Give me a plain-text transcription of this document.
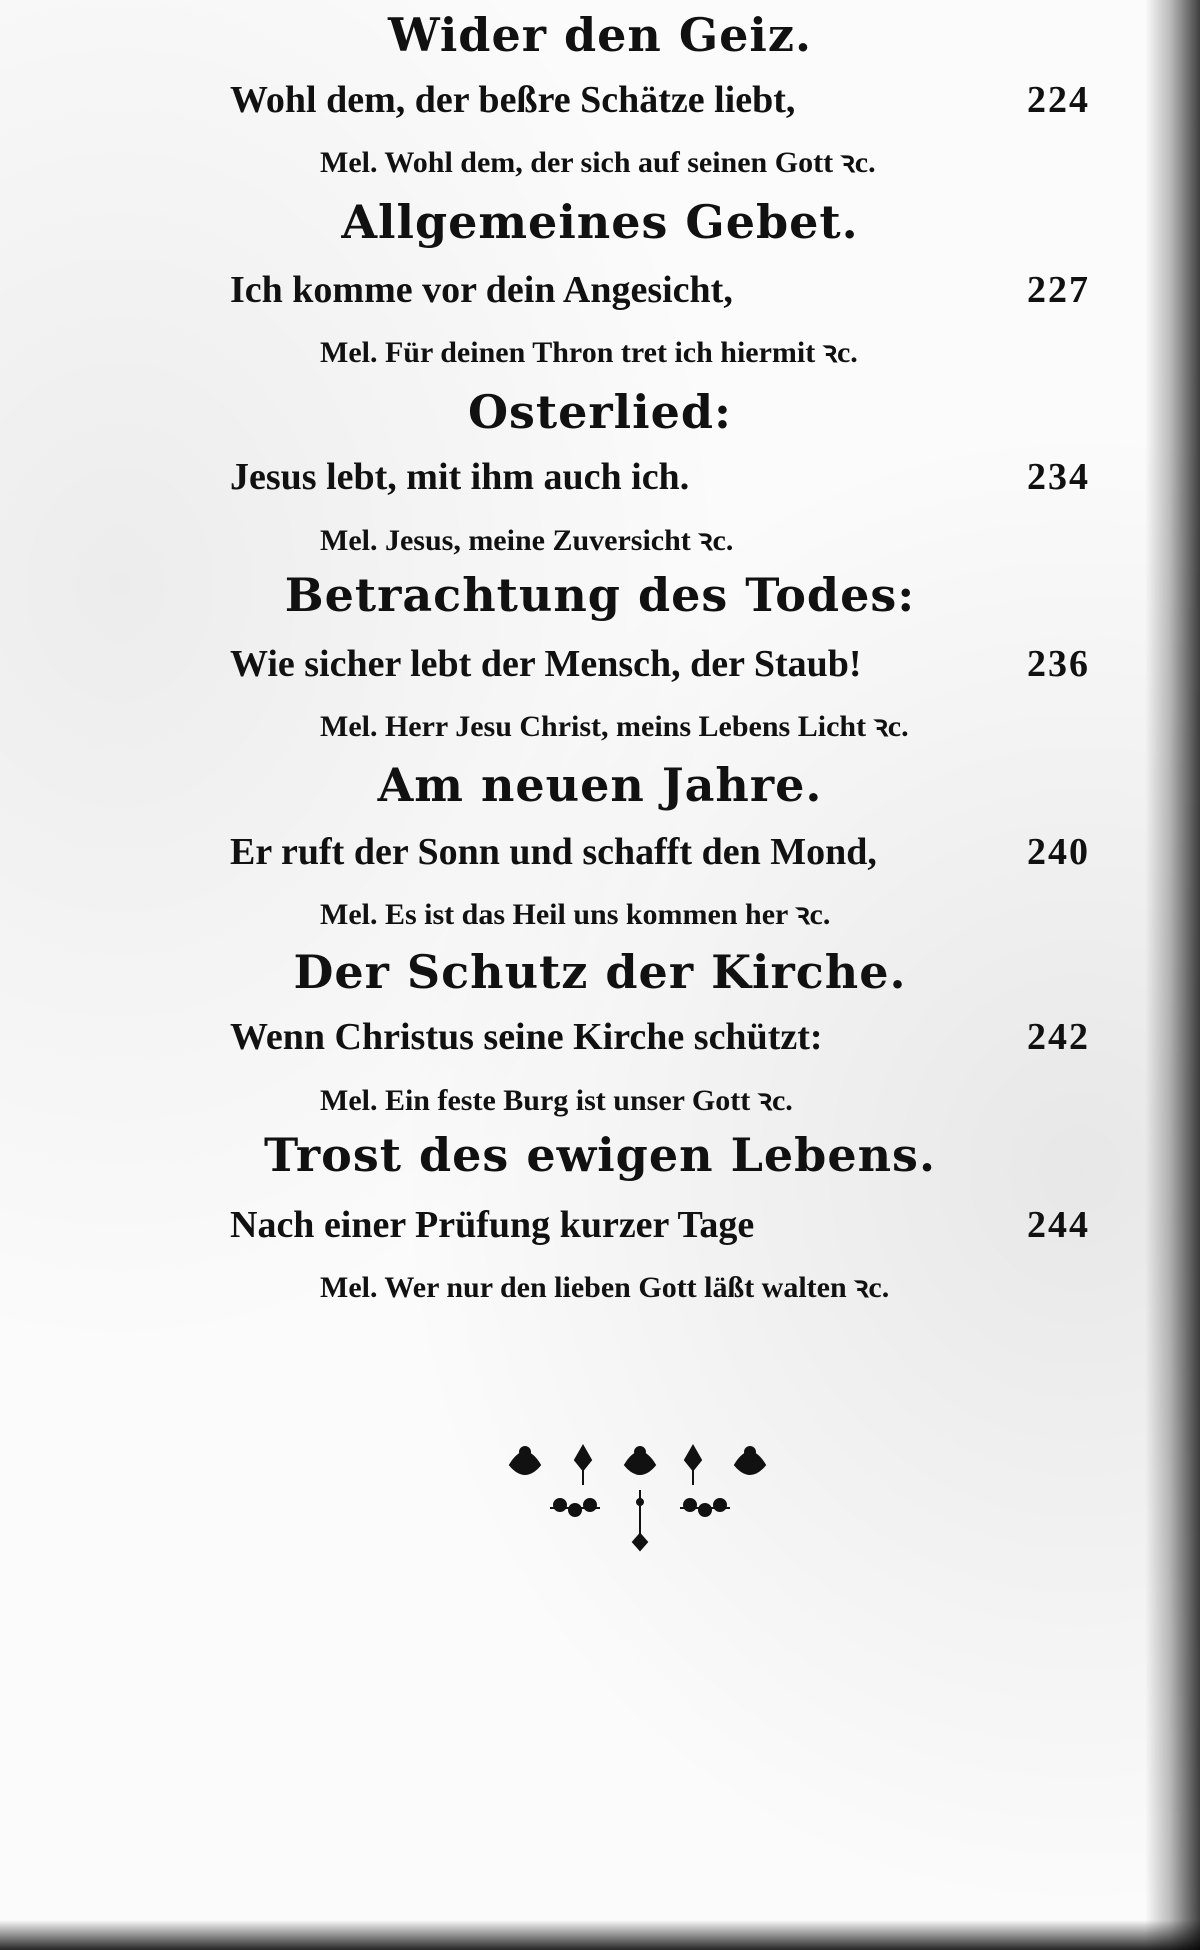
Wider den Geiz.
Wohl dem, der beßre Schätze liebt,	224
Mel. Wohl dem, der sich auf seinen Gott ꝛc.
Allgemeines Gebet.
Ich komme vor dein Angesicht,	227
Mel. Für deinen Thron tret ich hiermit ꝛc.
Osterlied:
Jesus lebt, mit ihm auch ich.	234
Mel. Jesus, meine Zuversicht ꝛc.
Betrachtung des Todes:
Wie sicher lebt der Mensch, der Staub!	236
Mel. Herr Jesu Christ, meins Lebens Licht ꝛc.
Am neuen Jahre.
Er ruft der Sonn und schafft den Mond,	240
Mel. Es ist das Heil uns kommen her ꝛc.
Der Schutz der Kirche.
Wenn Christus seine Kirche schützt:	242
Mel. Ein feste Burg ist unser Gott ꝛc.
Trost des ewigen Lebens.
Nach einer Prüfung kurzer Tage	244
Mel. Wer nur den lieben Gott läßt walten ꝛc.
